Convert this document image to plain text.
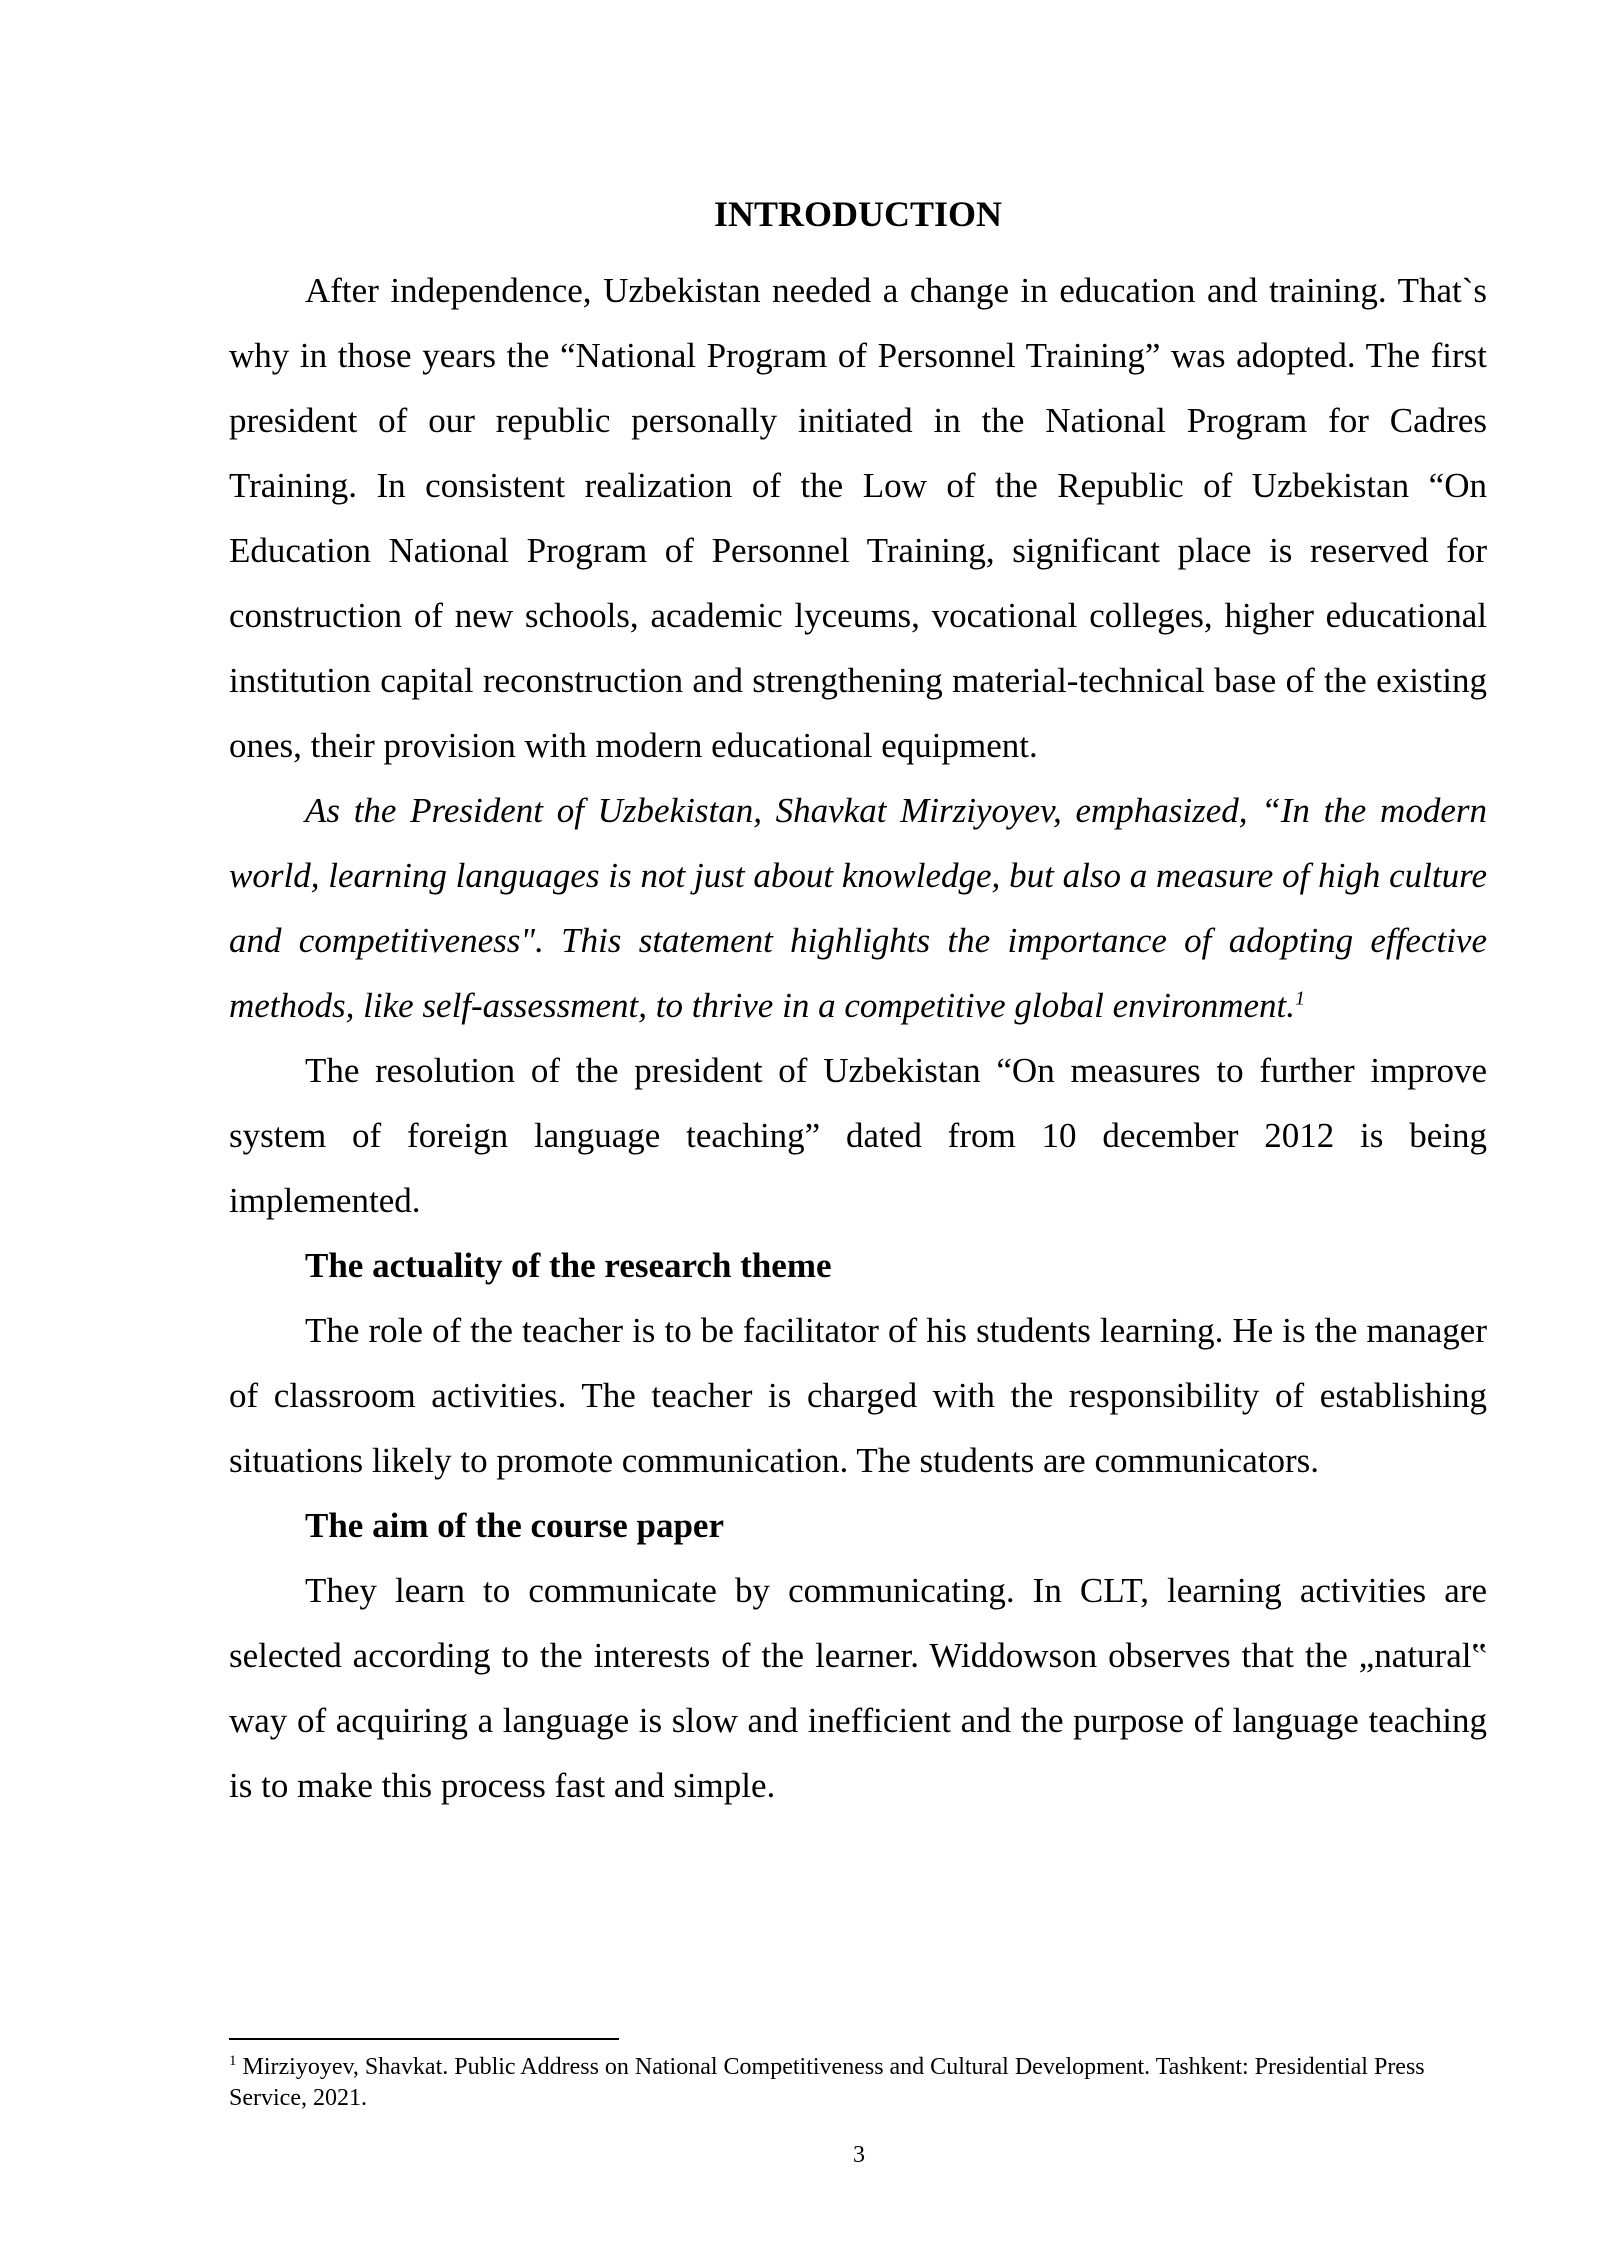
INTRODUCTION

After independence, Uzbekistan needed a change in education and training. That`s why in those years the “National Program of Personnel Training” was adopted. The first president of our republic personally initiated in the National Program for Cadres Training. In consistent realization of the Low of the Republic of Uzbekistan “On Education National Program of Personnel Training, significant place is reserved for construction of new schools, academic lyceums, vocational colleges, higher educational institution capital reconstruction and strengthening material-technical base of the existing ones, their provision with modern educational equipment.

As the President of Uzbekistan, Shavkat Mirziyoyev, emphasized, “In the modern world, learning languages is not just about knowledge, but also a measure of high culture and competitiveness". This statement highlights the importance of adopting effective methods, like self-assessment, to thrive in a competitive global environment.$^1$

The resolution of the president of Uzbekistan “On measures to further improve system of foreign language teaching” dated from 10 december 2012 is being implemented.

The actuality of the research theme

The role of the teacher is to be facilitator of his students learning. He is the manager of classroom activities. The teacher is charged with the responsibility of establishing situations likely to promote communication. The students are communicators.

The aim of the course paper

They learn to communicate by communicating. In CLT, learning activities are selected according to the interests of the learner. Widdowson observes that the „natural‟ way of acquiring a language is slow and inefficient and the purpose of language teaching is to make this process fast and simple.

$^1$ Mirziyoyev, Shavkat. Public Address on National Competitiveness and Cultural Development. Tashkent: Presidential Press Service, 2021.
3
